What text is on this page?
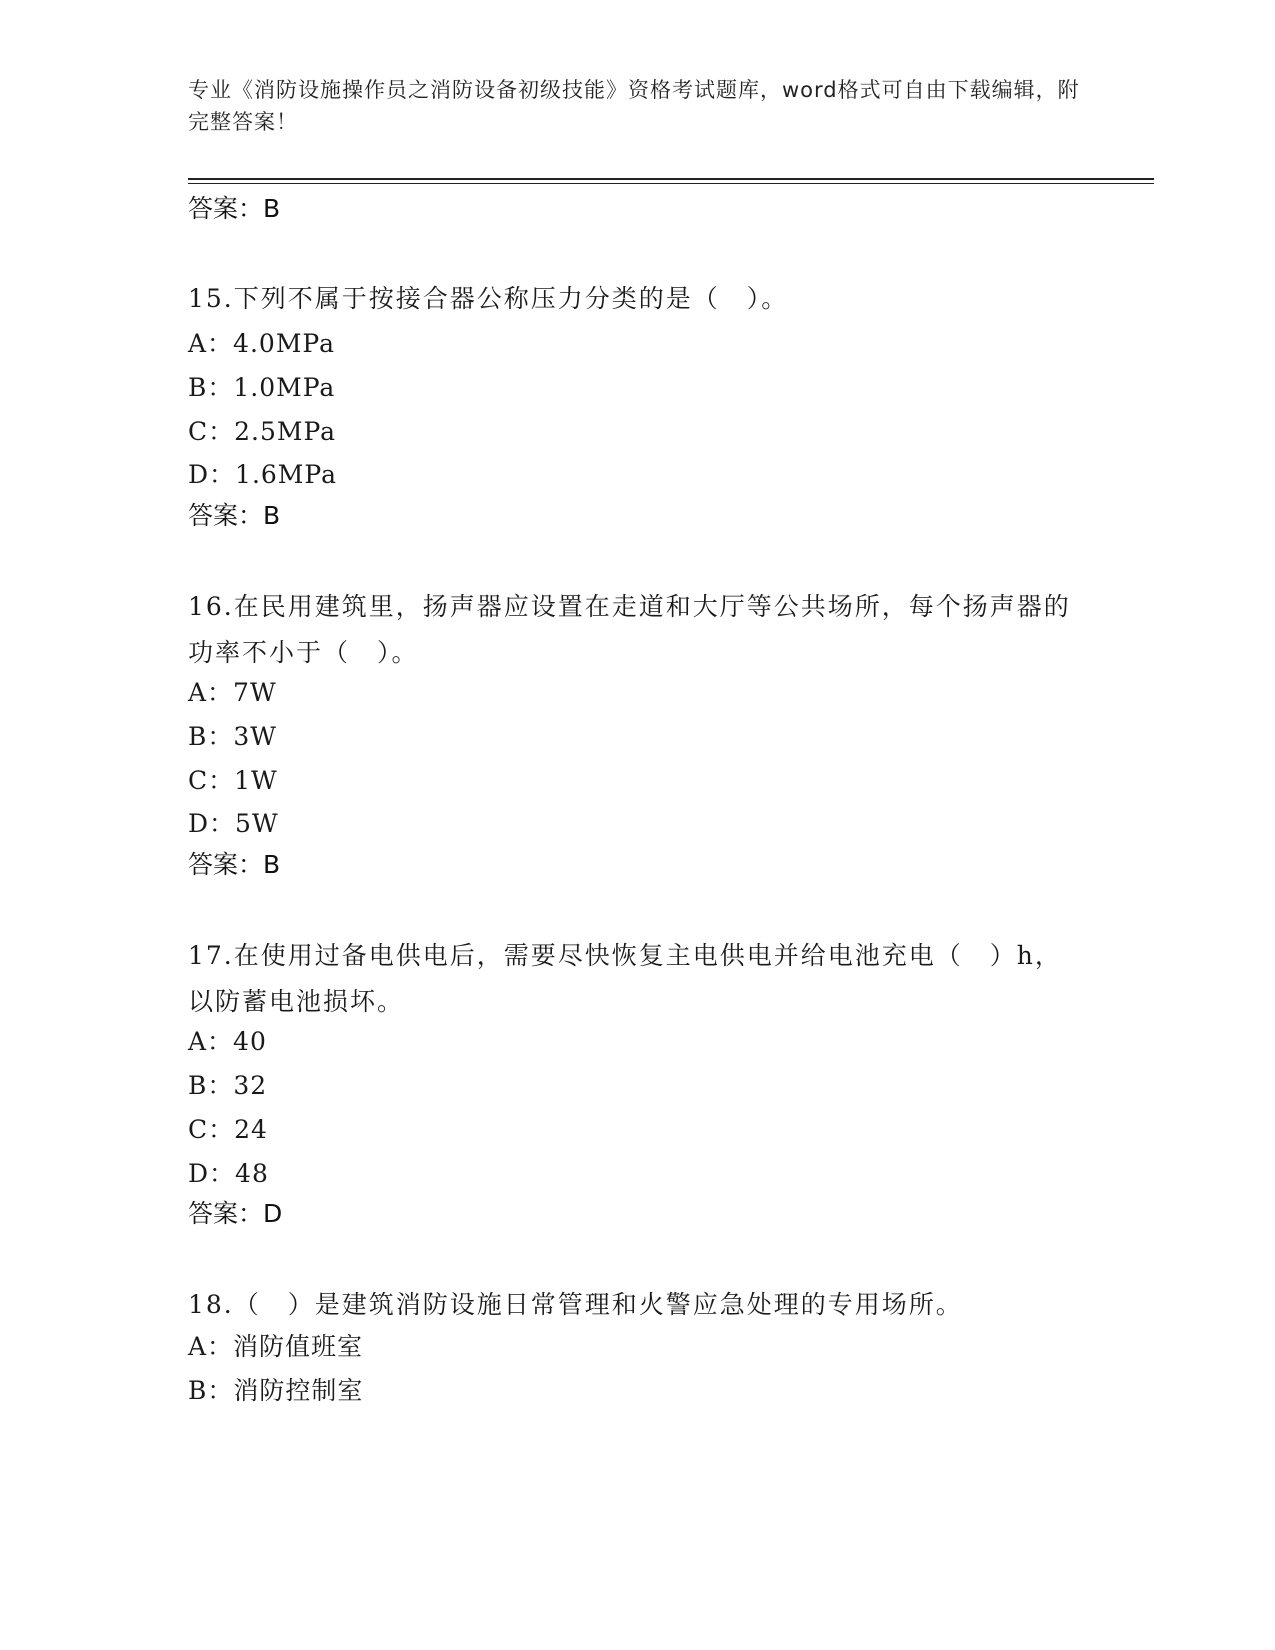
专业《消防设施操作员之消防设备初级技能》资格考试题库，word格式可自由下载编辑，附完整答案！
答案：B
15.下列不属于按接合器公称压力分类的是（　）。
A：4.0MPa
B：1.0MPa
C：2.5MPa
D：1.6MPa
答案：B
16.在民用建筑里，扬声器应设置在走道和大厅等公共场所，每个扬声器的功率不小于（　）。
A：7W
B：3W
C：1W
D：5W
答案：B
17.在使用过备电供电后，需要尽快恢复主电供电并给电池充电（　）h，以防蓄电池损坏。
A：40
B：32
C：24
D：48
答案：D
18.（　）是建筑消防设施日常管理和火警应急处理的专用场所。
A：消防值班室
B：消防控制室
